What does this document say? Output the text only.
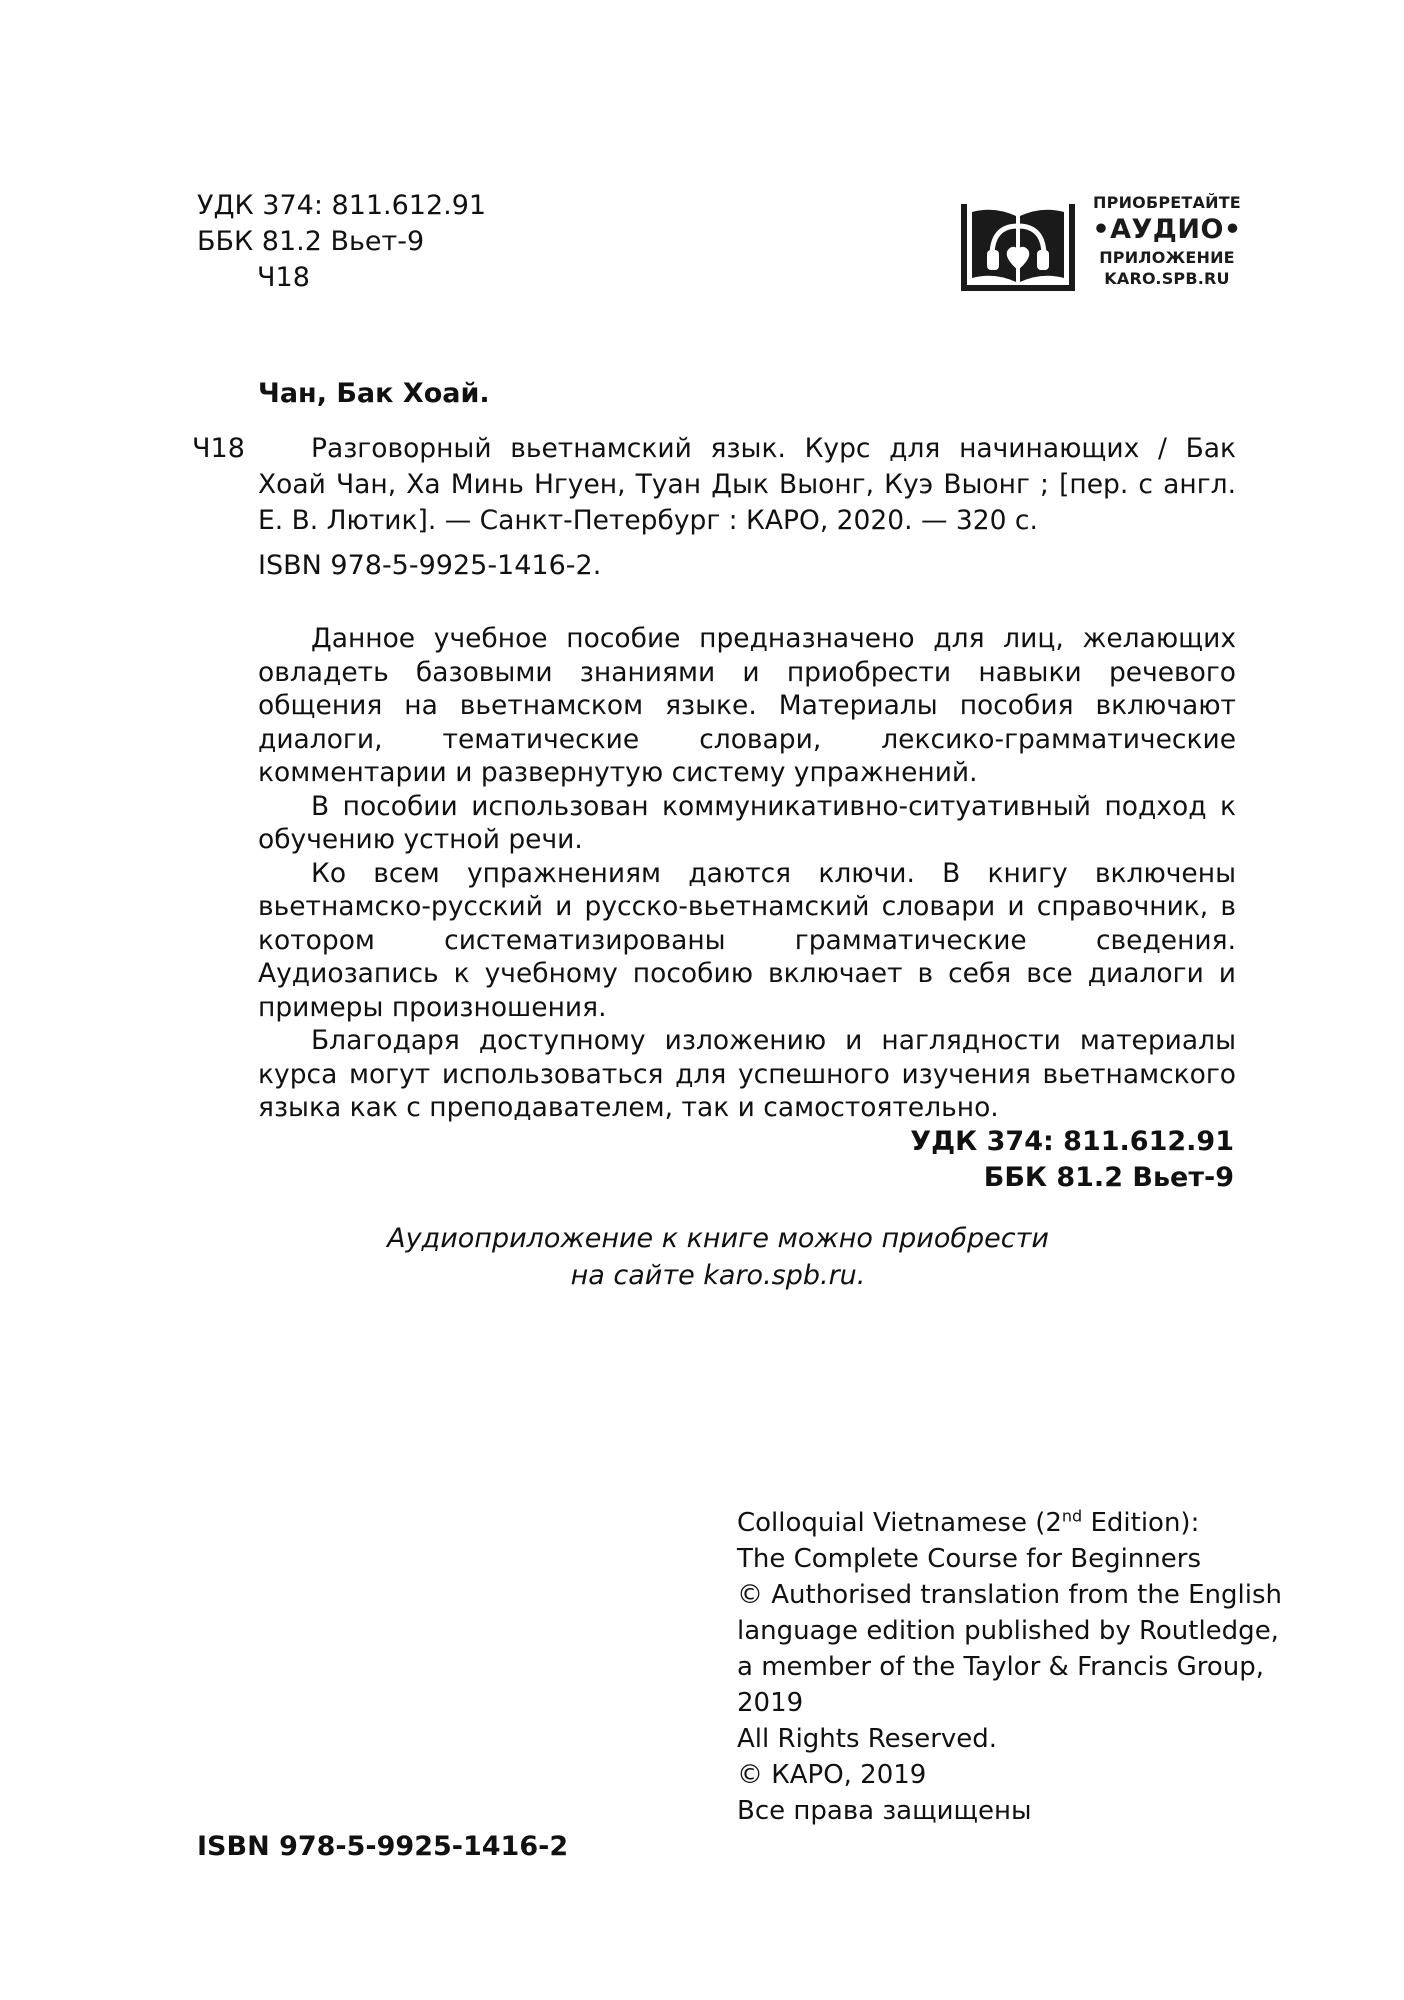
УДК 374: 811.612.91
ББК 81.2 Вьет-9
Ч18
ПРИОБРЕТАЙТЕ
•АУДИО•
ПРИЛОЖЕНИЕ
KARO.SPB.RU
Чан, Бак Хоай.
Ч18	Разговорный вьетнамский язык. Курс для начинающих / Бак Хоай Чан, Ха Минь Нгуен, Туан Дык Выонг, Куэ Выонг ; [пер. с англ. Е. В. Лютик]. — Санкт-Петербург : КАРО, 2020. — 320 с.
ISBN 978-5-9925-1416-2.

Данное учебное пособие предназначено для лиц, желающих овладеть базовыми знаниями и приобрести навыки речевого общения на вьетнамском языке. Материалы пособия включают диалоги, тематические словари, лексико-грамматические комментарии и развернутую систему упражнений.

В пособии использован коммуникативно-ситуативный подход к обучению устной речи.

Ко всем упражнениям даются ключи. В книгу включены вьетнамско-русский и русско-вьетнамский словари и справочник, в котором систематизированы грамматические сведения. Аудиозапись к учебному пособию включает в себя все диалоги и примеры произношения.

Благодаря доступному изложению и наглядности материалы курса могут использоваться для успешного изучения вьетнамского языка как с преподавателем, так и самостоятельно.

УДК 374: 811.612.91
ББК 81.2 Вьет-9
Аудиоприложение к книге можно приобрести
на сайте karo.spb.ru.
Colloquial Vietnamese (2nd Edition):
The Complete Course for Beginners
© Authorised translation from the English
language edition published by Routledge,
a member of the Taylor & Francis Group,
2019
All Rights Reserved.
© КАРО, 2019
Все права защищены
ISBN 978-5-9925-1416-2
